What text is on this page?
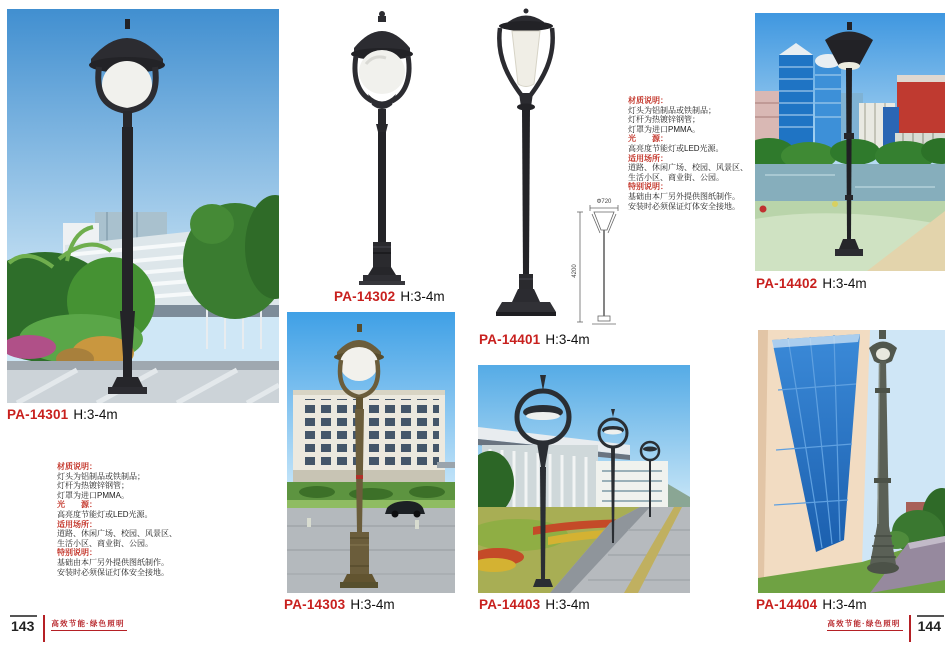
PA-14301 H:3-4m
PA-14302 H:3-4m
PA-14401 H:3-4m
Φ720
4200
材质说明：
灯头为铝制品或铁制品；
灯杆为热镀锌钢管；
灯罩为进口PMMA。
光　　源：
高亮度节能灯或LED光源。
适用场所：
道路、休闲广场、校园、风景区、
生活小区、商业街、公园。
特别说明：
基础由本厂另外提供图纸制作。
安装时必须保证灯体安全接地。
PA-14402 H:3-4m
材质说明：
灯头为铝制品或铁制品；
灯杆为热镀锌钢管；
灯罩为进口PMMA。
光　　源：
高亮度节能灯或LED光源。
适用场所：
道路、休闲广场、校园、风景区、
生活小区、商业街、公园。
特别说明：
基础由本厂另外提供图纸制作。
安装时必须保证灯体安全接地。
PA-14303 H:3-4m	PA-14403 H:3-4m	PA-14404 H:3-4m
143	高效节能·绿色照明	高效节能·绿色照明 144
